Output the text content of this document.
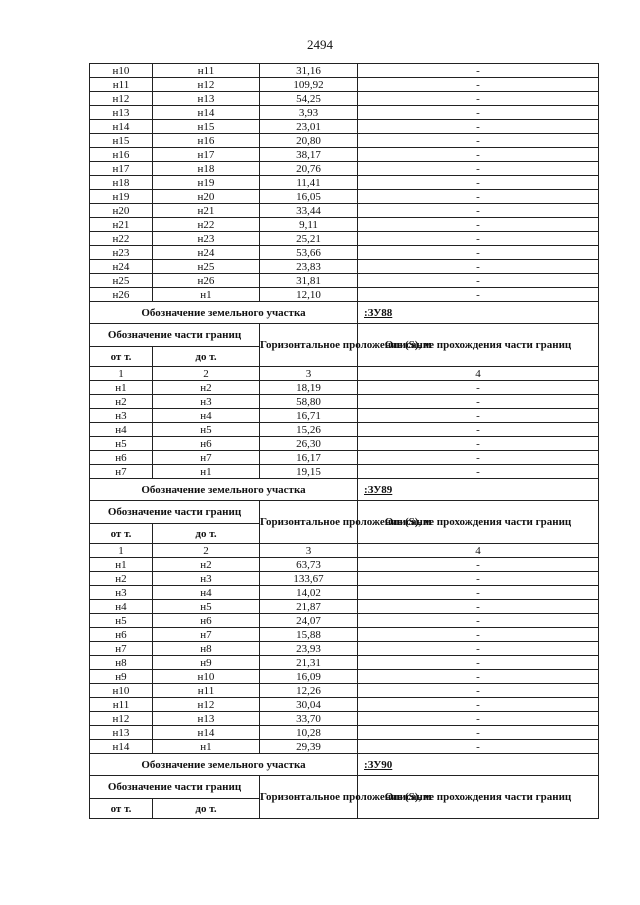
2494
н10	н11	31,16	-
н11	н12	109,92	-
н12	н13	54,25	-
н13	н14	3,93	-
н14	н15	23,01	-
н15	н16	20,80	-
н16	н17	38,17	-
н17	н18	20,76	-
н18	н19	11,41	-
н19	н20	16,05	-
н20	н21	33,44	-
н21	н22	9,11	-
н22	н23	25,21	-
н23	н24	53,66	-
н24	н25	23,83	-
н25	н26	31,81	-
н26	н1	12,10	-
Обозначение земельного участка			:ЗУ88
Обозначение части границ		Горизонтальное проложение (S), м	Описание прохождения части границ
от т.	до т.		
1	2	3	4
н1	н2	18,19	-
н2	н3	58,80	-
н3	н4	16,71	-
н4	н5	15,26	-
н5	н6	26,30	-
н6	н7	16,17	-
н7	н1	19,15	-
Обозначение земельного участка			:ЗУ89
Обозначение части границ		Горизонтальное проложение (S), м	Описание прохождения части границ
от т.	до т.		
1	2	3	4
н1	н2	63,73	-
н2	н3	133,67	-
н3	н4	14,02	-
н4	н5	21,87	-
н5	н6	24,07	-
н6	н7	15,88	-
н7	н8	23,93	-
н8	н9	21,31	-
н9	н10	16,09	-
н10	н11	12,26	-
н11	н12	30,04	-
н12	н13	33,70	-
н13	н14	10,28	-
н14	н1	29,39	-
Обозначение земельного участка			:ЗУ90
Обозначение части границ		Горизонтальное проложение (S), м	Описание прохождения части границ
от т.	до т.		
